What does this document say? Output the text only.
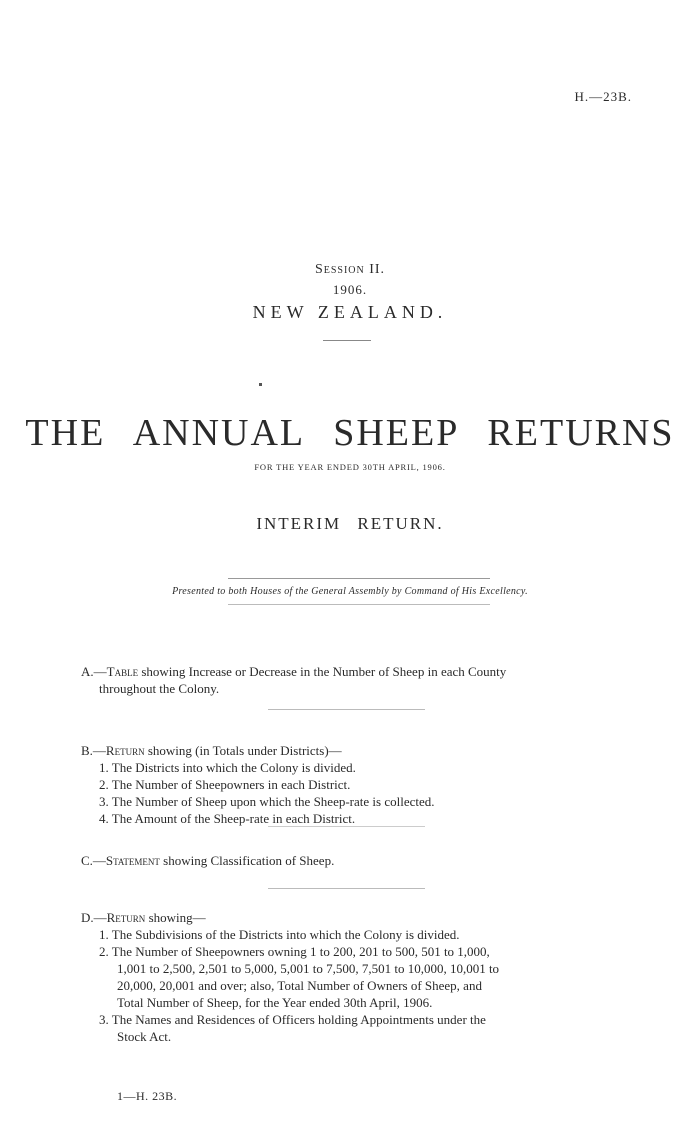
H.—23B.
Session II.
1906.
NEW ZEALAND.
THE ANNUAL SHEEP RETURNS
FOR THE YEAR ENDED 30TH APRIL, 1906.
INTERIM RETURN.
Presented to both Houses of the General Assembly by Command of His Excellency.
A.—Table showing Increase or Decrease in the Number of Sheep in each County
throughout the Colony.
B.—Return showing (in Totals under Districts)—
1. The Districts into which the Colony is divided.
2. The Number of Sheepowners in each District.
3. The Number of Sheep upon which the Sheep-rate is collected.
4. The Amount of the Sheep-rate in each District.
C.—Statement showing Classification of Sheep.
D.—Return showing—
1. The Subdivisions of the Districts into which the Colony is divided.
2. The Number of Sheepowners owning 1 to 200, 201 to 500, 501 to 1,000,
1,001 to 2,500, 2,501 to 5,000, 5,001 to 7,500, 7,501 to 10,000, 10,001 to
20,000, 20,001 and over; also, Total Number of Owners of Sheep, and
Total Number of Sheep, for the Year ended 30th April, 1906.
3. The Names and Residences of Officers holding Appointments under the
Stock Act.
1—H. 23B.
